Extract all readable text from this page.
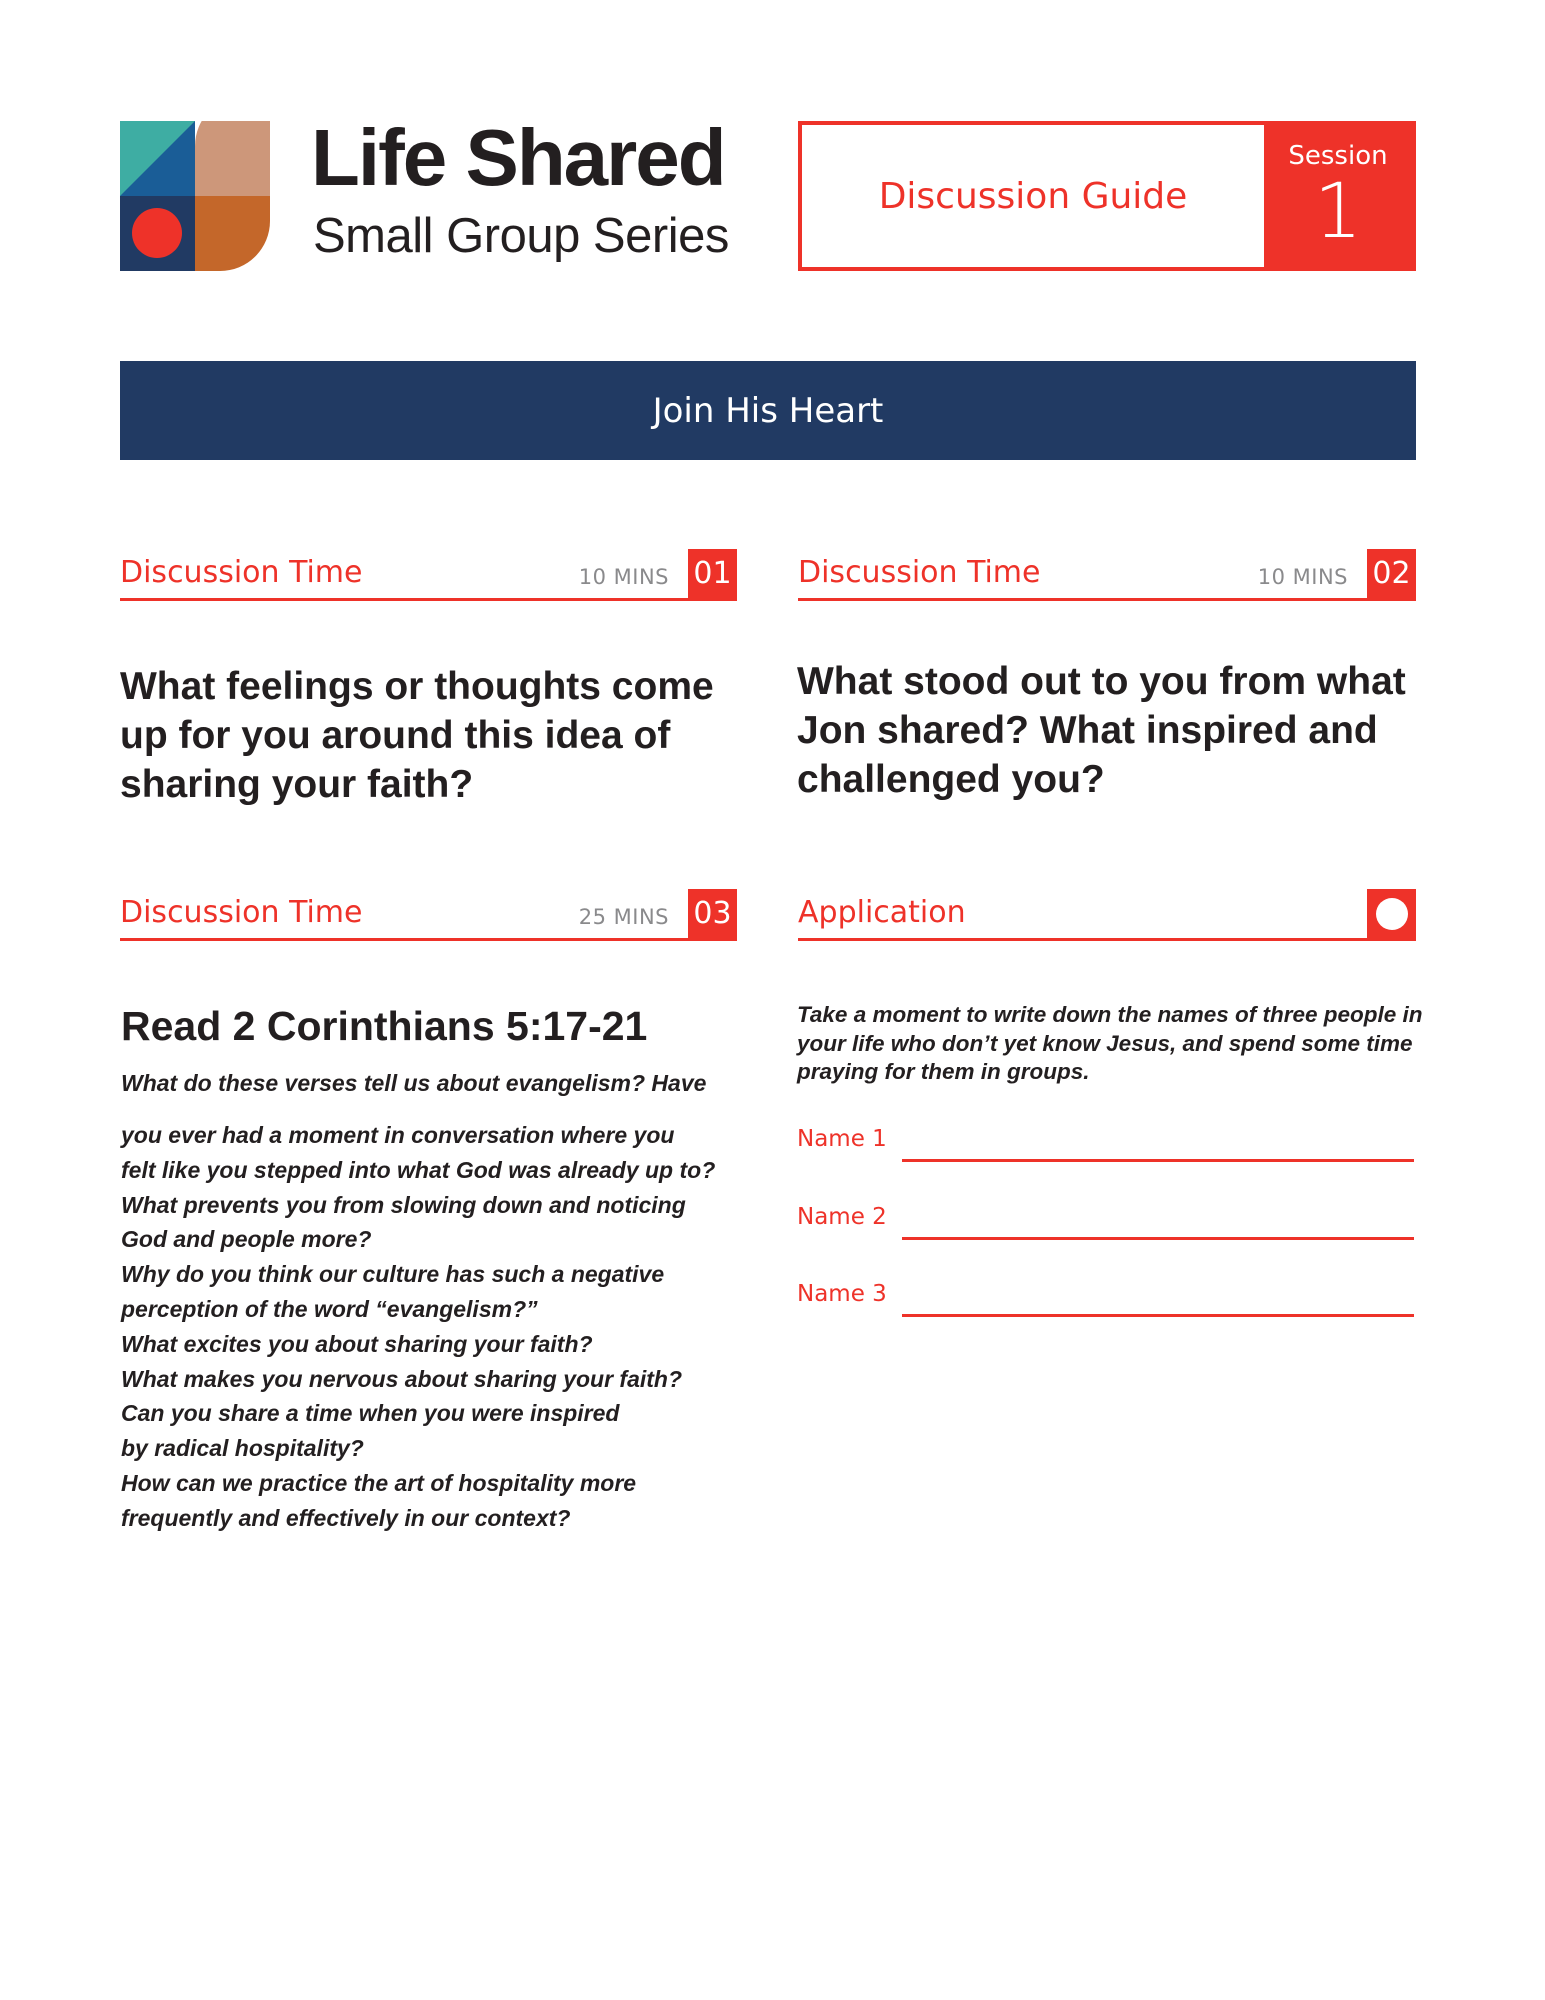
Life Shared
Small Group Series
Discussion Guide
Session
1
Join His Heart
Discussion Time	10 MINS 01
What feelings or thoughts come up for you around this idea of sharing your faith?
Discussion Time	10 MINS 02
What stood out to you from what Jon shared? What inspired and challenged you?
Discussion Time	25 MINS 03
Read 2 Corinthians 5:17-21
What do these verses tell us about evangelism? Have
you ever had a moment in conversation where you
felt like you stepped into what God was already up to?
What prevents you from slowing down and noticing
God and people more?
Why do you think our culture has such a negative
perception of the word “evangelism?”
What excites you about sharing your faith?
What makes you nervous about sharing your faith?
Can you share a time when you were inspired
by radical hospitality?
How can we practice the art of hospitality more
frequently and effectively in our context?
Application
Take a moment to write down the names of three people in your life who don’t yet know Jesus, and spend some time praying for them in groups.
Name 1
Name 2
Name 3
